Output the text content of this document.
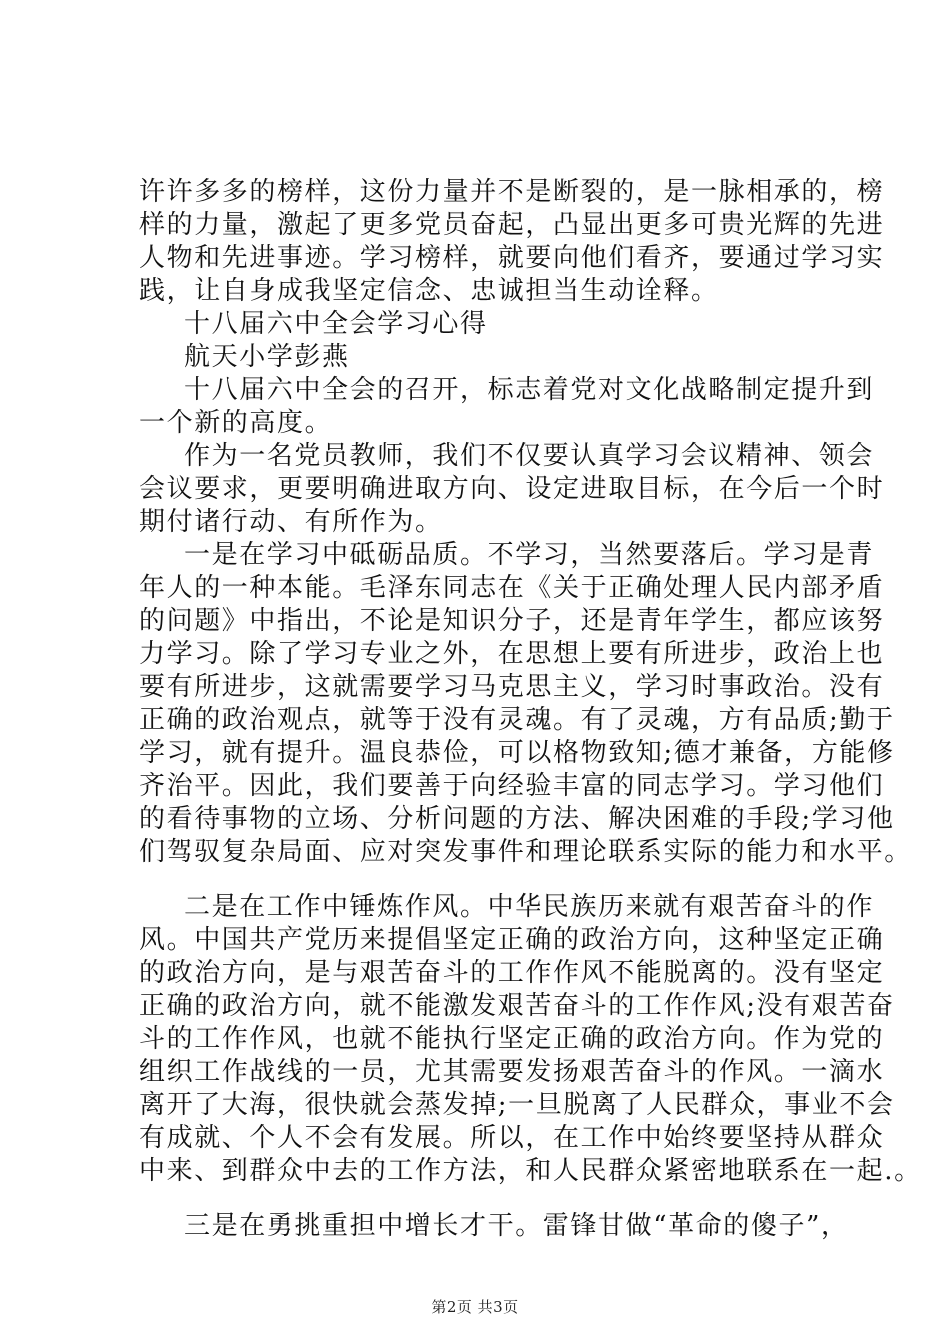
许许多多的榜样，这份力量并不是断裂的，是一脉相承的，榜
样的力量，激起了更多党员奋起，凸显出更多可贵光辉的先进
人物和先进事迹。学习榜样，就要向他们看齐，要通过学习实
践，让自身成我坚定信念、忠诚担当生动诠释。

十八届六中全会学习心得

航天小学彭燕

十八届六中全会的召开，标志着党对文化战略制定提升到
一个新的高度。

作为一名党员教师，我们不仅要认真学习会议精神、领会
会议要求，更要明确进取方向、设定进取目标，在今后一个时
期付诸行动、有所作为。

一是在学习中砥砺品质。不学习，当然要落后。学习是青
年人的一种本能。毛泽东同志在《关于正确处理人民内部矛盾
的问题》中指出，不论是知识分子，还是青年学生，都应该努
力学习。除了学习专业之外，在思想上要有所进步，政治上也
要有所进步，这就需要学习马克思主义，学习时事政治。没有
正确的政治观点，就等于没有灵魂。有了灵魂，方有品质;勤于
学习，就有提升。温良恭俭，可以格物致知;德才兼备，方能修
齐治平。因此，我们要善于向经验丰富的同志学习。学习他们
的看待事物的立场、分析问题的方法、解决困难的手段;学习他
们驾驭复杂局面、应对突发事件和理论联系实际的能力和水平。

二是在工作中锤炼作风。中华民族历来就有艰苦奋斗的作
风。中国共产党历来提倡坚定正确的政治方向，这种坚定正确
的政治方向，是与艰苦奋斗的工作作风不能脱离的。没有坚定
正确的政治方向，就不能激发艰苦奋斗的工作作风;没有艰苦奋
斗的工作作风，也就不能执行坚定正确的政治方向。作为党的
组织工作战线的一员，尤其需要发扬艰苦奋斗的作风。一滴水
离开了大海，很快就会蒸发掉;一旦脱离了人民群众，事业不会
有成就、个人不会有发展。所以，在工作中始终要坚持从群众
中来、到群众中去的工作方法，和人民群众紧密地联系在一起.。

三是在勇挑重担中增长才干。雷锋甘做“革命的傻子”，

第2页 共3页
